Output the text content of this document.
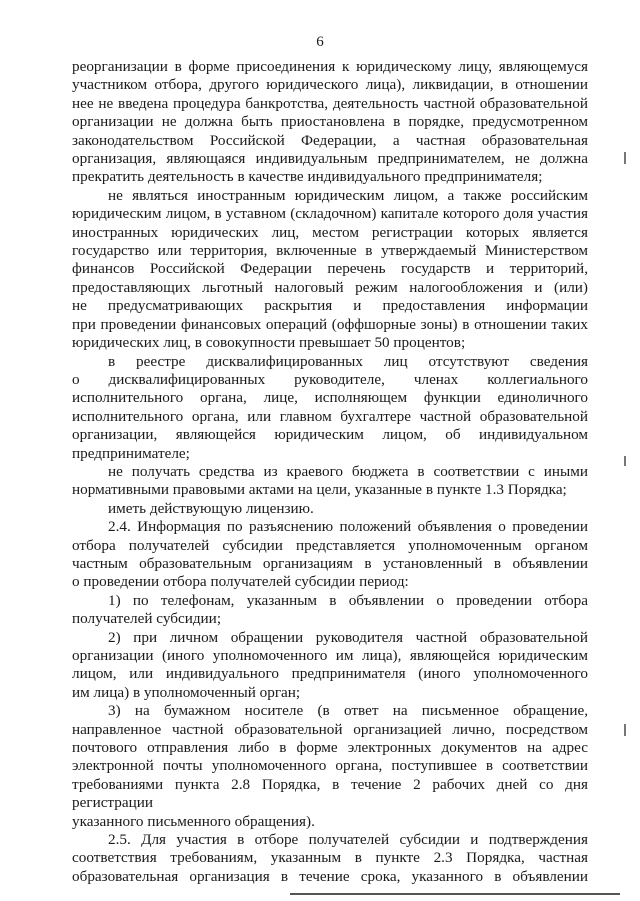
6

реорганизации в форме присоединения к юридическому лицу, являющемуся

участником отбора, другого юридического лица), ликвидации, в отношении

нее не введена процедура банкротства, деятельность частной образовательной

организации не должна быть приостановлена в порядке, предусмотренном

законодательством Российской Федерации, а частная образовательная

организация, являющаяся индивидуальным предпринимателем, не должна

прекратить деятельность в качестве индивидуального предпринимателя;

не являться иностранным юридическим лицом, а также российским

юридическим лицом, в уставном (складочном) капитале которого доля участия

иностранных юридических лиц, местом регистрации которых является

государство или территория, включенные в утверждаемый Министерством

финансов Российской Федерации перечень государств и территорий,

предоставляющих льготный налоговый режим налогообложения и (или)

не предусматривающих раскрытия и предоставления информации

при проведении финансовых операций (оффшорные зоны) в отношении таких

юридических лиц, в совокупности превышает 50 процентов;

в реестре дисквалифицированных лиц отсутствуют сведения

о дисквалифицированных руководителе, членах коллегиального

исполнительного органа, лице, исполняющем функции единоличного

исполнительного органа, или главном бухгалтере частной образовательной

организации, являющейся юридическим лицом, об индивидуальном

предпринимателе;

не получать средства из краевого бюджета в соответствии с иными

нормативными правовыми актами на цели, указанные в пункте 1.3 Порядка;

иметь действующую лицензию.

2.4. Информация по разъяснению положений объявления о проведении

отбора получателей субсидии представляется уполномоченным органом

частным образовательным организациям в установленный в объявлении

о проведении отбора получателей субсидии период:

1) по телефонам, указанным в объявлении о проведении отбора

получателей субсидии;

2) при личном обращении руководителя частной образовательной

организации (иного уполномоченного им лица), являющейся юридическим

лицом, или индивидуального предпринимателя (иного уполномоченного

им лица) в уполномоченный орган;

3) на бумажном носителе (в ответ на письменное обращение,

направленное частной образовательной организацией лично, посредством

почтового отправления либо в форме электронных документов на адрес

электронной почты уполномоченного органа, поступившее в соответствии

требованиями пункта 2.8 Порядка, в течение 2 рабочих дней со дня регистрации

указанного письменного обращения).

2.5. Для участия в отборе получателей субсидии и подтверждения

соответствия требованиям, указанным в пункте 2.3 Порядка, частная

образовательная организация в течение срока, указанного в объявлении
